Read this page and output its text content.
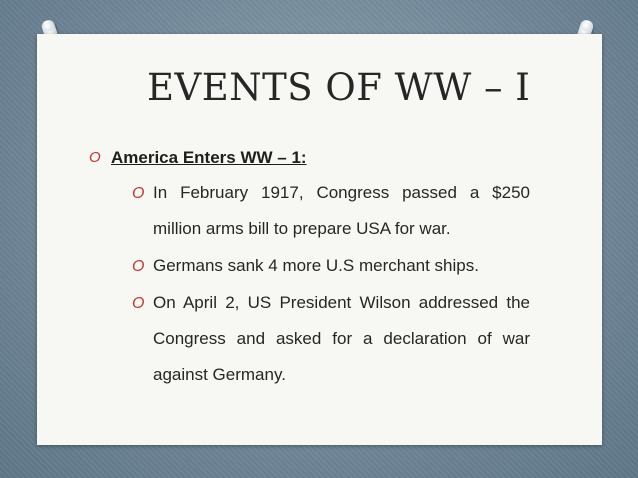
EVENTS OF WW – I
O America Enters WW – 1:
O In February 1917, Congress passed a $250 million arms bill to prepare USA for war.
O Germans sank 4 more U.S merchant ships.
O On April 2, US President Wilson addressed the Congress and asked for a declaration of war against Germany.
